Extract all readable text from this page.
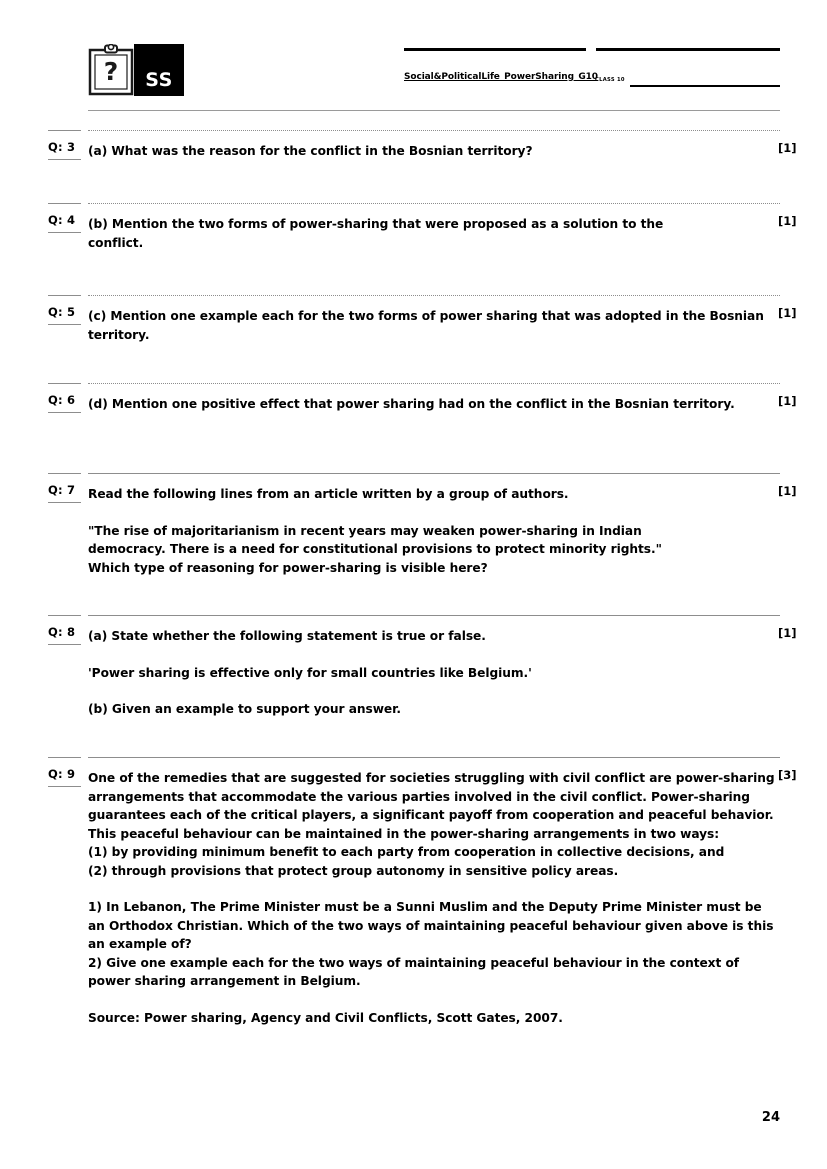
?	SS	Social&PoliticalLife_PowerSharing_G10
CLASS 10
Q: 3	(a) What was the reason for the conflict in the Bosnian territory?	[1]
Q: 4	(b) Mention the two forms of power-sharing that were proposed as a solution to the conflict.

[1]
Q: 5	(c) Mention one example each for the two forms of power sharing that was adopted in the Bosnian territory.

[1]
Q: 6	(d) Mention one positive effect that power sharing had on the conflict in the Bosnian territory.	[1]
Q: 7	Read the following lines from an article written by a group of authors.

"The rise of majoritarianism in recent years may weaken power-sharing in Indian democracy. There is a need for constitutional provisions to protect minority rights." Which type of reasoning for power-sharing is visible here?

[1]
Q: 8	(a) State whether the following statement is true or false.

'Power sharing is effective only for small countries like Belgium.'

(b) Given an example to support your answer.

[1]
Q: 9	One of the remedies that are suggested for societies struggling with civil conflict are power-sharing arrangements that accommodate the various parties involved in the civil conflict. Power-sharing guarantees each of the critical players, a significant payoff from cooperation and peaceful behavior.

This peaceful behaviour can be maintained in the power-sharing arrangements in two ways:

(1) by providing minimum benefit to each party from cooperation in collective decisions, and

(2) through provisions that protect group autonomy in sensitive policy areas.

1) In Lebanon, The Prime Minister must be a Sunni Muslim and the Deputy Prime Minister must be an Orthodox Christian. Which of the two ways of maintaining peaceful behaviour given above is this an example of?

2) Give one example each for the two ways of maintaining peaceful behaviour in the context of power sharing arrangement in Belgium.

Source: Power sharing, Agency and Civil Conflicts, Scott Gates, 2007.

[3]
24
